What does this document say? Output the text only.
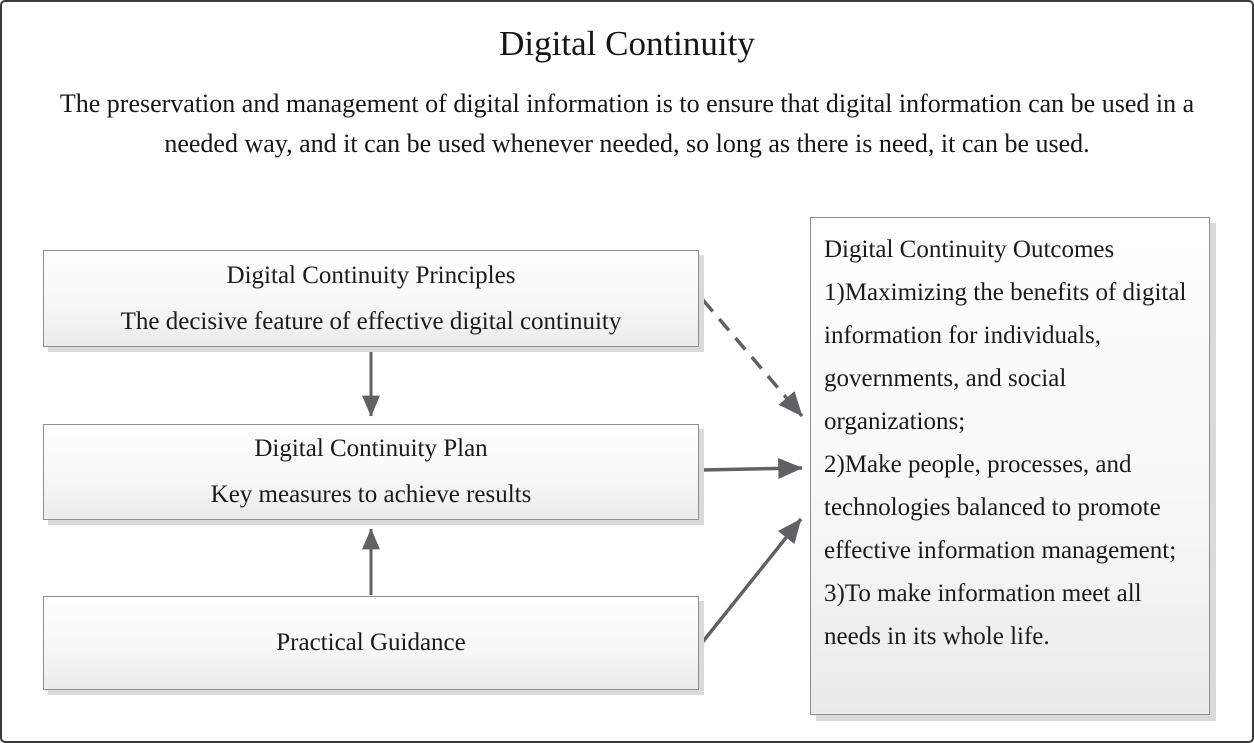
Digital Continuity
The preservation and management of digital information is to ensure that digital information can be used in a needed way, and it can be used whenever needed, so long as there is need, it can be used.
Digital Continuity Principles
The decisive feature of effective digital continuity
Digital Continuity Plan
Key measures to achieve results
Practical Guidance

Digital Continuity Outcomes

1)Maximizing the benefits of digital information for individuals, governments, and social organizations;

2)Make people, processes, and technologies balanced to promote effective information management;

3)To make information meet all needs in its whole life.
